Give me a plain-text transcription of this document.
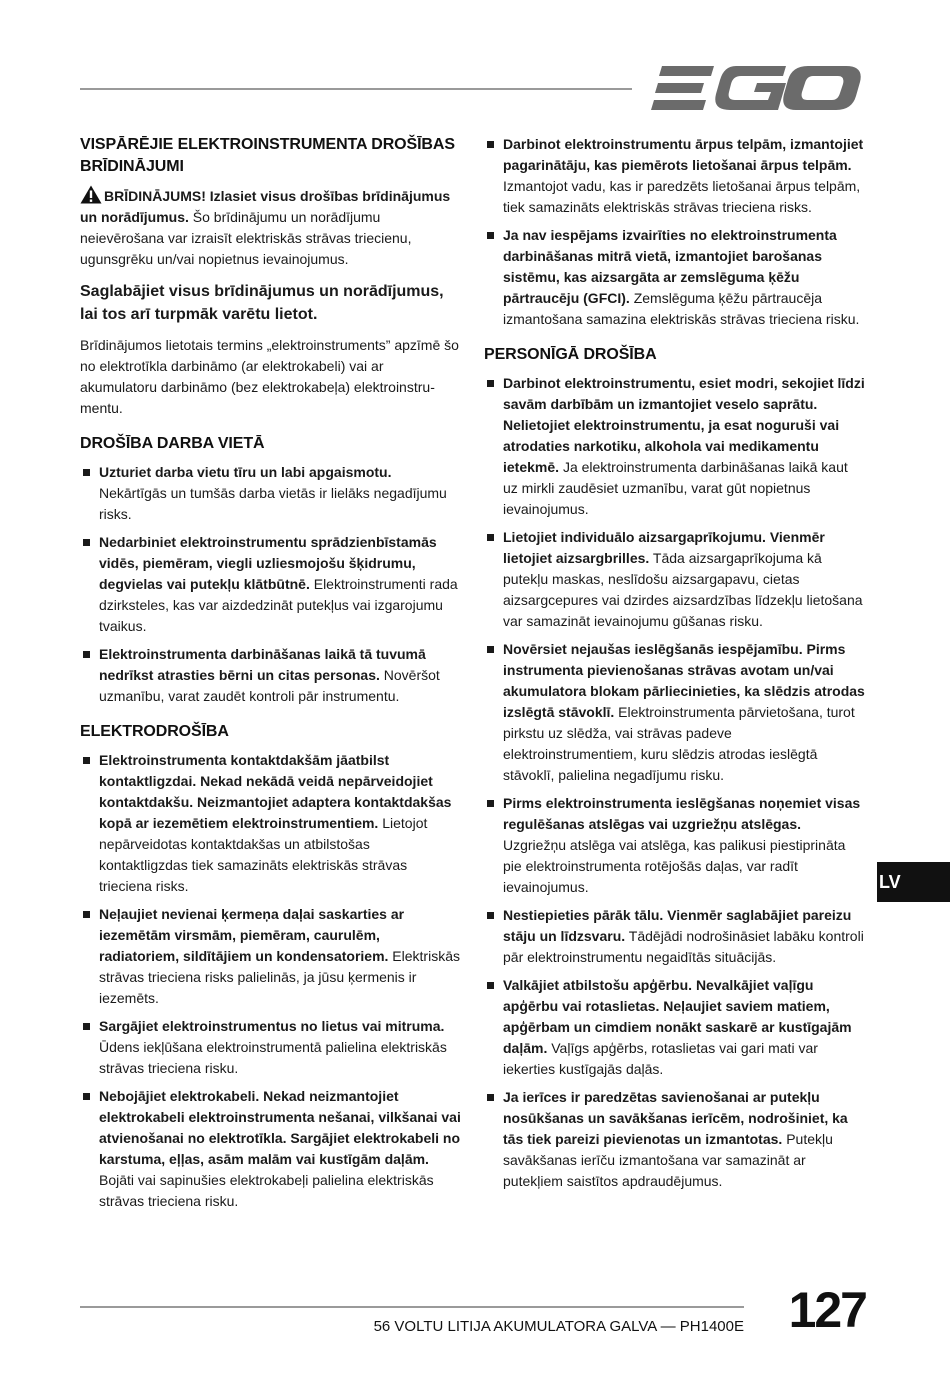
VISPĀRĒJIE ELEKTROINSTRUMENTA DROŠĪBAS BRĪDINĀJUMI

BRĪDINĀJUMS! Izlasiet visus drošības brīdinājumus un norādījumus. Šo brīdinājumu un norādījumu neievērošana var izraisīt elektriskās strāvas triecienu, ugunsgrēku un/vai nopietnus ievainojumus.

Saglabājiet visus brīdinājumus un norādījumus, lai tos arī turpmāk varētu lietot.

Brīdinājumos lietotais termins „elektroinstruments” apzīmē šo no elektrotīkla darbināmo (ar elektrokabeli) vai ar akumulatoru darbināmo (bez elektrokabeļa) elektroinstrumentu.

DROŠĪBA DARBA VIETĀ
Uzturiet darba vietu tīru un labi apgaismotu. Nekārtīgās un tumšās darba vietās ir lielāks negadījumu risks.
Nedarbiniet elektroinstrumentu sprādzienbīstamās vidēs, piemēram, viegli uzliesmojošu šķidrumu, degvielas vai putekļu klātbūtnē. Elektroinstrumenti rada dzirksteles, kas var aizdedzināt putekļus vai izgarojumu tvaikus.
Elektroinstrumenta darbināšanas laikā tā tuvumā nedrīkst atrasties bērni un citas personas. Novēršot uzmanību, varat zaudēt kontroli pār instrumentu.
ELEKTRODROŠĪBA
Elektroinstrumenta kontaktdakšām jāatbilst kontaktligzdai. Nekad nekādā veidā nepārveidojiet kontaktdakšu. Neizmantojiet adaptera kontaktdakšas kopā ar iezemētiem elektroinstrumentiem. Lietojot nepārveidotas kontaktdakšas un atbilstošas kontaktligzdas tiek samazināts elektriskās strāvas trieciena risks.
Neļaujiet nevienai ķermeņa daļai saskarties ar iezemētām virsmām, piemēram, caurulēm, radiatoriem, sildītājiem un kondensatoriem. Elektriskās strāvas trieciena risks palielinās, ja jūsu ķermenis ir iezemēts.
Sargājiet elektroinstrumentus no lietus vai mitruma. Ūdens iekļūšana elektroinstrumentā palielina elektriskās strāvas trieciena risku.
Nebojājiet elektrokabeli. Nekad neizmantojiet elektrokabeli elektroinstrumenta nešanai, vilkšanai vai atvienošanai no elektrotīkla. Sargājiet elektrokabeli no karstuma, eļļas, asām malām vai kustīgām daļām. Bojāti vai sapinušies elektrokabeļi palielina elektriskās strāvas trieciena risku.
Darbinot elektroinstrumentu ārpus telpām, izmantojiet pagarinātāju, kas piemērots lietošanai ārpus telpām. Izmantojot vadu, kas ir paredzēts lietošanai ārpus telpām, tiek samazināts elektriskās strāvas trieciena risks.
Ja nav iespējams izvairīties no elektroinstrumenta darbināšanas mitrā vietā, izmantojiet barošanas sistēmu, kas aizsargāta ar zemslēguma ķēžu pārtraucēju (GFCI). Zemslēguma ķēžu pārtraucēja izmantošana samazina elektriskās strāvas trieciena risku.
PERSONĪGĀ DROŠĪBA
Darbinot elektroinstrumentu, esiet modri, sekojiet līdzi savām darbībām un izmantojiet veselo saprātu. Nelietojiet elektroinstrumentu, ja esat noguruši vai atrodaties narkotiku, alkohola vai medikamentu ietekmē. Ja elektroinstrumenta darbināšanas laikā kaut uz mirkli zaudēsiet uzmanību, varat gūt nopietnus ievainojumus.
Lietojiet individuālo aizsargaprīkojumu. Vienmēr lietojiet aizsargbrilles. Tāda aizsargaprīkojuma kā putekļu maskas, neslīdošu aizsargapavu, cietas aizsargcepures vai dzirdes aizsardzības līdzekļu lietošana var samazināt ievainojumu gūšanas risku.
Novērsiet nejaušas ieslēgšanās iespējamību. Pirms instrumenta pievienošanas strāvas avotam un/vai akumulatora blokam pārliecinieties, ka slēdzis atrodas izslēgtā stāvoklī. Elektroinstrumenta pārvietošana, turot pirkstu uz slēdža, vai strāvas padeve elektroinstrumentiem, kuru slēdzis atrodas ieslēgtā stāvoklī, palielina negadījumu risku.
Pirms elektroinstrumenta ieslēgšanas noņemiet visas regulēšanas atslēgas vai uzgriežņu atslēgas. Uzgriežņu atslēga vai atslēga, kas palikusi piestiprināta pie elektroinstrumenta rotējošās daļas, var radīt ievainojumus.
Nestiepieties pārāk tālu. Vienmēr saglabājiet pareizu stāju un līdzsvaru. Tādējādi nodrošināsiet labāku kontroli pār elektroinstrumentu negaidītās situācijās.
Valkājiet atbilstošu apģērbu. Nevalkājiet vaļīgu apģērbu vai rotaslietas. Neļaujiet saviem matiem, apģērbam un cimdiem nonākt saskarē ar kustīgajām daļām. Vaļīgs apģērbs, rotaslietas vai gari mati var iekerties kustīgajās daļās.
Ja ierīces ir paredzētas savienošanai ar putekļu nosūkšanas un savākšanas ierīcēm, nodrošiniet, ka tās tiek pareizi pievienotas un izmantotas. Putekļu savākšanas ierīču izmantošana var samazināt ar putekļiem saistītos apdraudējumus.
LV
56 VOLTU LITIJA AKUMULATORA GALVA — PH1400E 127
